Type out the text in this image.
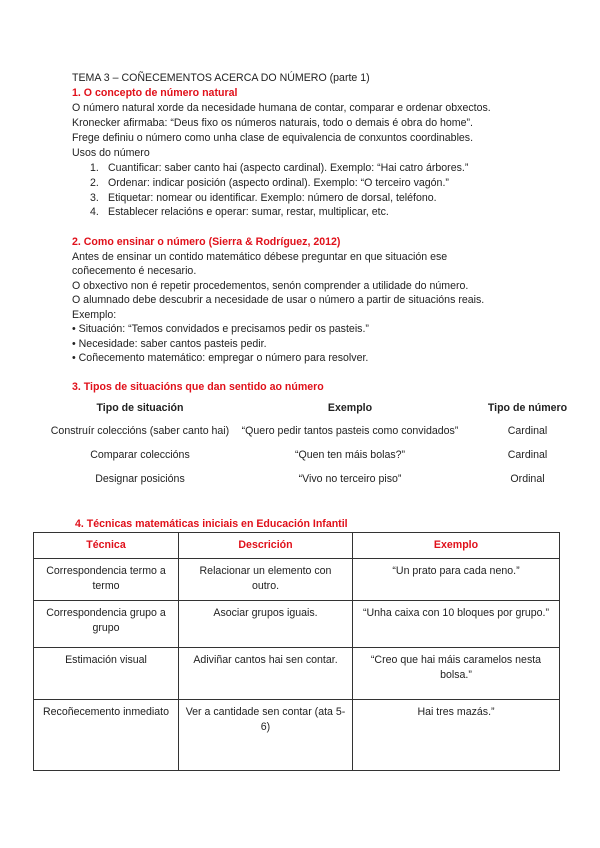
TEMA 3 – COÑECEMENTOS ACERCA DO NÚMERO (parte 1)
1. O concepto de número natural
O número natural xorde da necesidade humana de contar, comparar e ordenar obxectos.
Kronecker afirmaba: “Deus fixo os números naturais, todo o demais é obra do home”.
Frege definiu o número como unha clase de equivalencia de conxuntos coordinables.
Usos do número
1. Cuantificar: saber canto hai (aspecto cardinal). Exemplo: “Hai catro árbores.”
2. Ordenar: indicar posición (aspecto ordinal). Exemplo: “O terceiro vagón.”
3. Etiquetar: nomear ou identificar. Exemplo: número de dorsal, teléfono.
4. Establecer relacións e operar: sumar, restar, multiplicar, etc.
2. Como ensinar o número (Sierra & Rodríguez, 2012)
Antes de ensinar un contido matemático débese preguntar en que situación ese
coñecemento é necesario.
O obxectivo non é repetir procedementos, senón comprender a utilidade do número.
O alumnado debe descubrir a necesidade de usar o número a partir de situacións reais.
Exemplo:
• Situación: “Temos convidados e precisamos pedir os pasteis.”
• Necesidade: saber cantos pasteis pedir.
• Coñecemento matemático: empregar o número para resolver.
3. Tipos de situacións que dan sentido ao número
Tipo de situación	Exemplo	Tipo de número
Construír coleccións (saber canto hai)	“Quero pedir tantos pasteis como convidados”	Cardinal
Comparar coleccións	“Quen ten máis bolas?”	Cardinal
Designar posicións	“Vivo no terceiro piso”	Ordinal
4. Técnicas matemáticas iniciais en Educación Infantil
Técnica	Descrición	Exemplo
Correspondencia termo a termo	Relacionar un elemento con outro.	“Un prato para cada neno.”
Correspondencia grupo a grupo	Asociar grupos iguais.	“Unha caixa con 10 bloques por grupo.”
Estimación visual	Adiviñar cantos hai sen contar.	“Creo que hai máis caramelos nesta bolsa.”
Recoñecemento inmediato	Ver a cantidade sen contar (ata 5-6)	Hai tres mazás.”
